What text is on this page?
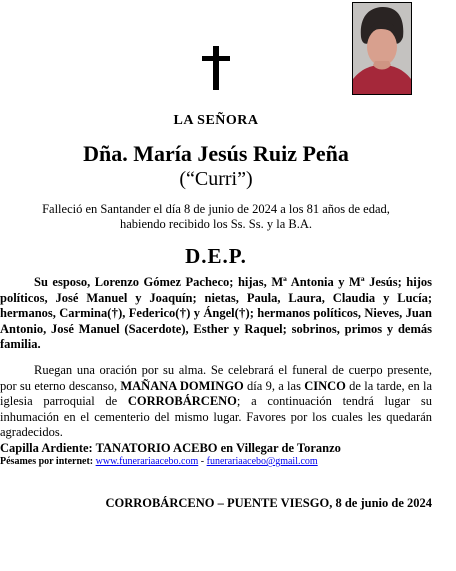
LA SEÑORA
Dña. María Jesús Ruiz Peña
(“Curri”)
Falleció en Santander el día 8 de junio de 2024 a los 81 años de edad,
habiendo recibido los Ss. Ss. y la B.A.
D.E.P.
Su esposo, Lorenzo Gómez Pacheco; hijas, Mª Antonia y Mª Jesús; hijos políticos, José Manuel y Joaquín; nietas, Paula, Laura, Claudia y Lucía; hermanos, Carmina(†), Federico(†) y Ángel(†); hermanos políticos, Nieves, Juan Antonio, José Manuel (Sacerdote), Esther y Raquel; sobrinos, primos y demás familia.
Ruegan una oración por su alma. Se celebrará el funeral de cuerpo presente, por su eterno descanso, MAÑANA DOMINGO día 9, a las CINCO de la tarde, en la iglesia parroquial de CORROBÁRCENO; a continuación tendrá lugar su inhumación en el cementerio del mismo lugar. Favores por los cuales les quedarán agradecidos.
Capilla Ardiente: TANATORIO ACEBO en Villegar de Toranzo
Pésames por internet: www.funerariaacebo.com - funerariaacebo@gmail.com
CORROBÁRCENO – PUENTE VIESGO, 8 de junio de 2024
